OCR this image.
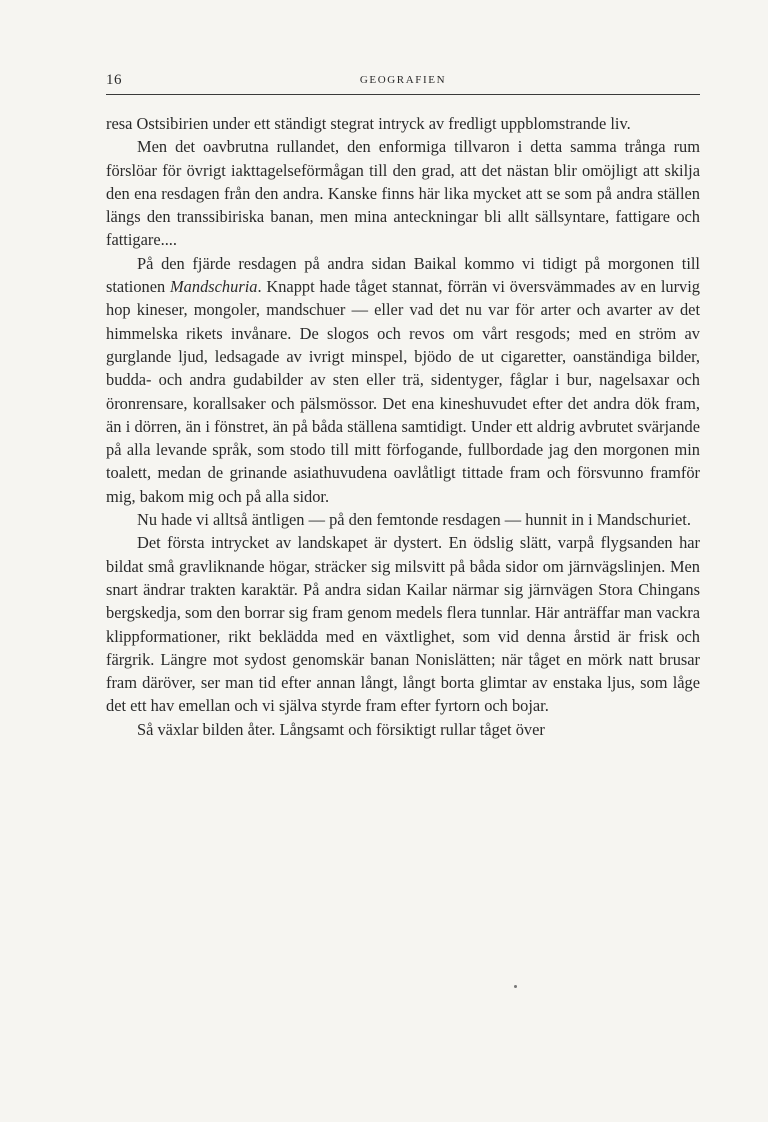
16	GEOGRAFIEN

resa Ostsibirien under ett ständigt stegrat intryck av fredligt uppblomstrande liv.

Men det oavbrutna rullandet, den enformiga tillvaron i detta samma trånga rum förslöar för övrigt iakttagelseförmågan till den grad, att det nästan blir omöjligt att skilja den ena resdagen från den andra. Kanske finns här lika mycket att se som på andra ställen längs den transsibiriska banan, men mina anteckningar bli allt sällsyntare, fattigare och fattigare....

På den fjärde resdagen på andra sidan Baikal kommo vi tidigt på morgonen till stationen Mandschuria. Knappt hade tåget stannat, förrän vi översvämmades av en lurvig hop kineser, mongoler, mandschuer — eller vad det nu var för arter och avarter av det himmelska rikets invånare. De slogos och revos om vårt resgods; med en ström av gurglande ljud, ledsagade av ivrigt minspel, bjödo de ut cigaretter, oanständiga bilder, budda- och andra gudabilder av sten eller trä, sidentyger, fåglar i bur, nagelsaxar och öronrensare, korallsaker och pälsmössor. Det ena kineshuvudet efter det andra dök fram, än i dörren, än i fönstret, än på båda ställena samtidigt. Under ett aldrig avbrutet svärjande på alla levande språk, som stodo till mitt förfogande, fullbordade jag den morgonen min toalett, medan de grinande asiathuvudena oavlåtligt tittade fram och försvunno framför mig, bakom mig och på alla sidor.

Nu hade vi alltså äntligen — på den femtonde resdagen — hunnit in i Mandschuriet.

Det första intrycket av landskapet är dystert. En ödslig slätt, varpå flygsanden har bildat små gravliknande högar, sträcker sig milsvitt på båda sidor om järnvägslinjen. Men snart ändrar trakten karaktär. På andra sidan Kailar närmar sig järnvägen Stora Chingans bergskedja, som den borrar sig fram genom medels flera tunnlar. Här anträffar man vackra klippformationer, rikt beklädda med en växtlighet, som vid denna årstid är frisk och färgrik. Längre mot sydost genomskär banan Nonislätten; när tåget en mörk natt brusar fram däröver, ser man tid efter annan långt, långt borta glimtar av enstaka ljus, som låge det ett hav emellan och vi själva styrde fram efter fyrtorn och bojar.

Så växlar bilden åter. Långsamt och försiktigt rullar tåget över
